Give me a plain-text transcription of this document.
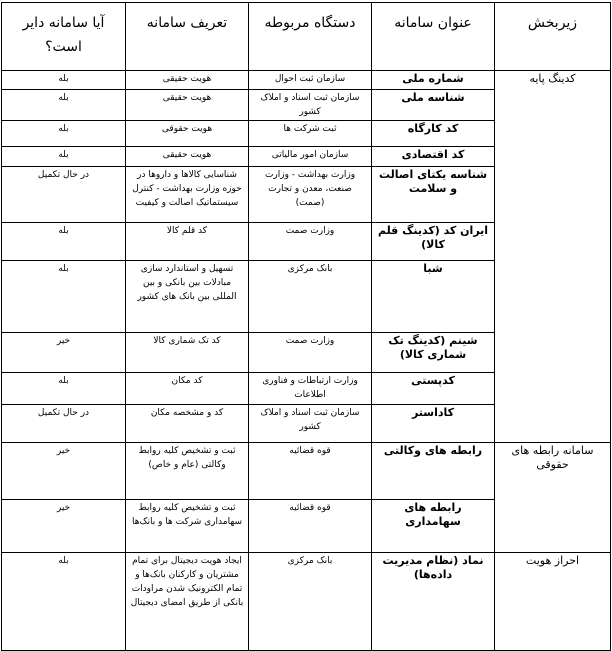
زیربخش	عنوان سامانه	دستگاه مربوطه	تعریف سامانه	آیا سامانه دایر است؟
کدینگ پایه	شماره ملی	سازمان ثبت احوال	هویت حقیقی	بله
	شناسه ملی	سازمان ثبت اسناد و املاک کشور	هویت حقیقی	بله
	کد کارگاه	ثبت شرکت ها	هویت حقوقی	بله
	کد اقتصادی	سازمان امور مالیاتی	هویت حقیقی	بله
	شناسه یکتای اصالت و سلامت	وزارت بهداشت - وزارت صنعت، معدن و تجارت (صمت)	شناسایی کالاها و داروها در حوزه وزارت بهداشت - کنترل سیستماتیک اصالت و کیفیت	در حال تکمیل
	ایران کد (کدینگ قلم کالا)	وزارت صمت	کد قلم کالا	بله
	شبا	بانک مرکزی	تسهیل و استاندارد سازی مبادلات بین بانکی و بین المللی بین بانک های کشور	بله
	شینم (کدینگ تک شماری کالا)	وزارت صمت	کد تک شماری کالا	خیر
	کدپستی	وزارت ارتباطات و فناوری اطلاعات	کد مکان	بله
	کاداستر	سازمان ثبت اسناد و املاک کشور	کد و مشخصه مکان	در حال تکمیل
سامانه رابطه های حقوقی	رابطه های وکالتی	قوه قضائیه	ثبت و تشخیص کلیه روابط وکالتی (عام و خاص)	خیر
	رابطه های سهامداری	قوه قضائیه	ثبت و تشخیص کلیه روابط سهامداری شرکت ها و بانک‌ها	خیر
احراز هویت	نماد (نظام مدیریت داده‌ها)	بانک مرکزی	ایجاد هویت دیجیتال برای تمام مشتریان و کارکنان بانک‌ها و تمام الکترونیک شدن مراودات بانکی از طریق امضای دیجیتال	بله
